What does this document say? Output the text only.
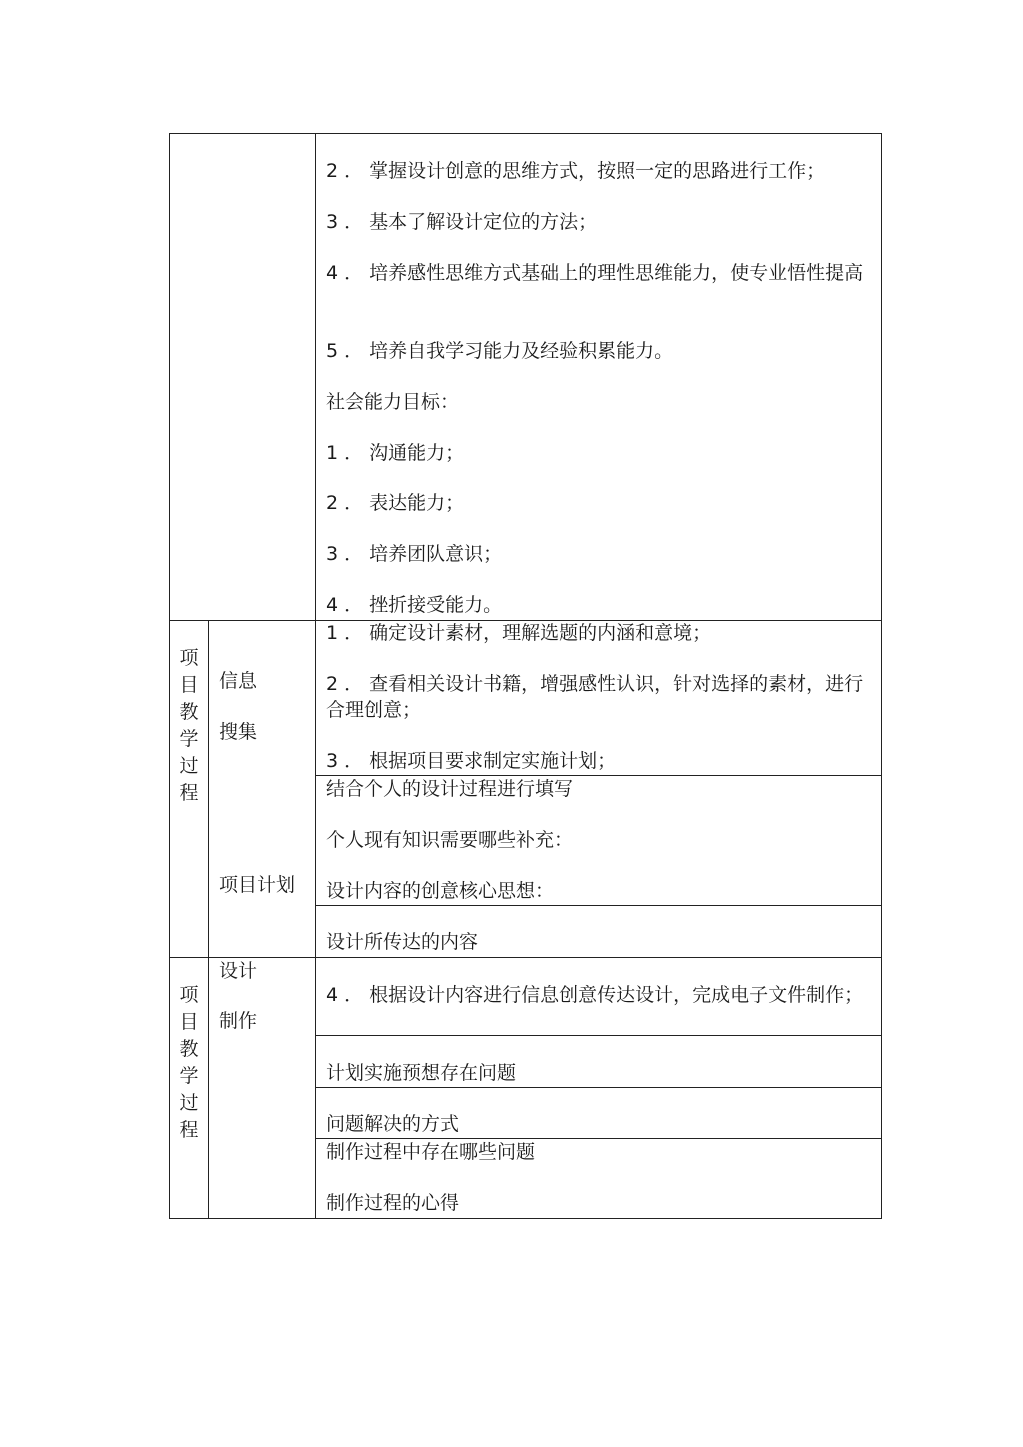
2 ． 掌握设计创意的思维方式，按照一定的思路进行工作；
3 ． 基本了解设计定位的方法；
4 ． 培养感性思维方式基础上的理性思维能力，使专业悟性提高
5 ． 培养自我学习能力及经验积累能力。
社会能力目标：
1 ． 沟通能力；
2 ． 表达能力；
3 ． 培养团队意识；
4 ． 挫折接受能力。
项
目
教
学
过
程
信息
搜集
1 ． 确定设计素材，理解选题的内涵和意境；
2 ． 查看相关设计书籍，增强感性认识，针对选择的素材，进行合理创意；
3 ． 根据项目要求制定实施计划；
项目计划
结合个人的设计过程进行填写
个人现有知识需要哪些补充：
设计内容的创意核心思想：
设计所传达的内容
项
目
教
学
过
程
设计
制作
4 ． 根据设计内容进行信息创意传达设计，完成电子文件制作；
计划实施预想存在问题
问题解决的方式
制作过程中存在哪些问题
制作过程的心得
